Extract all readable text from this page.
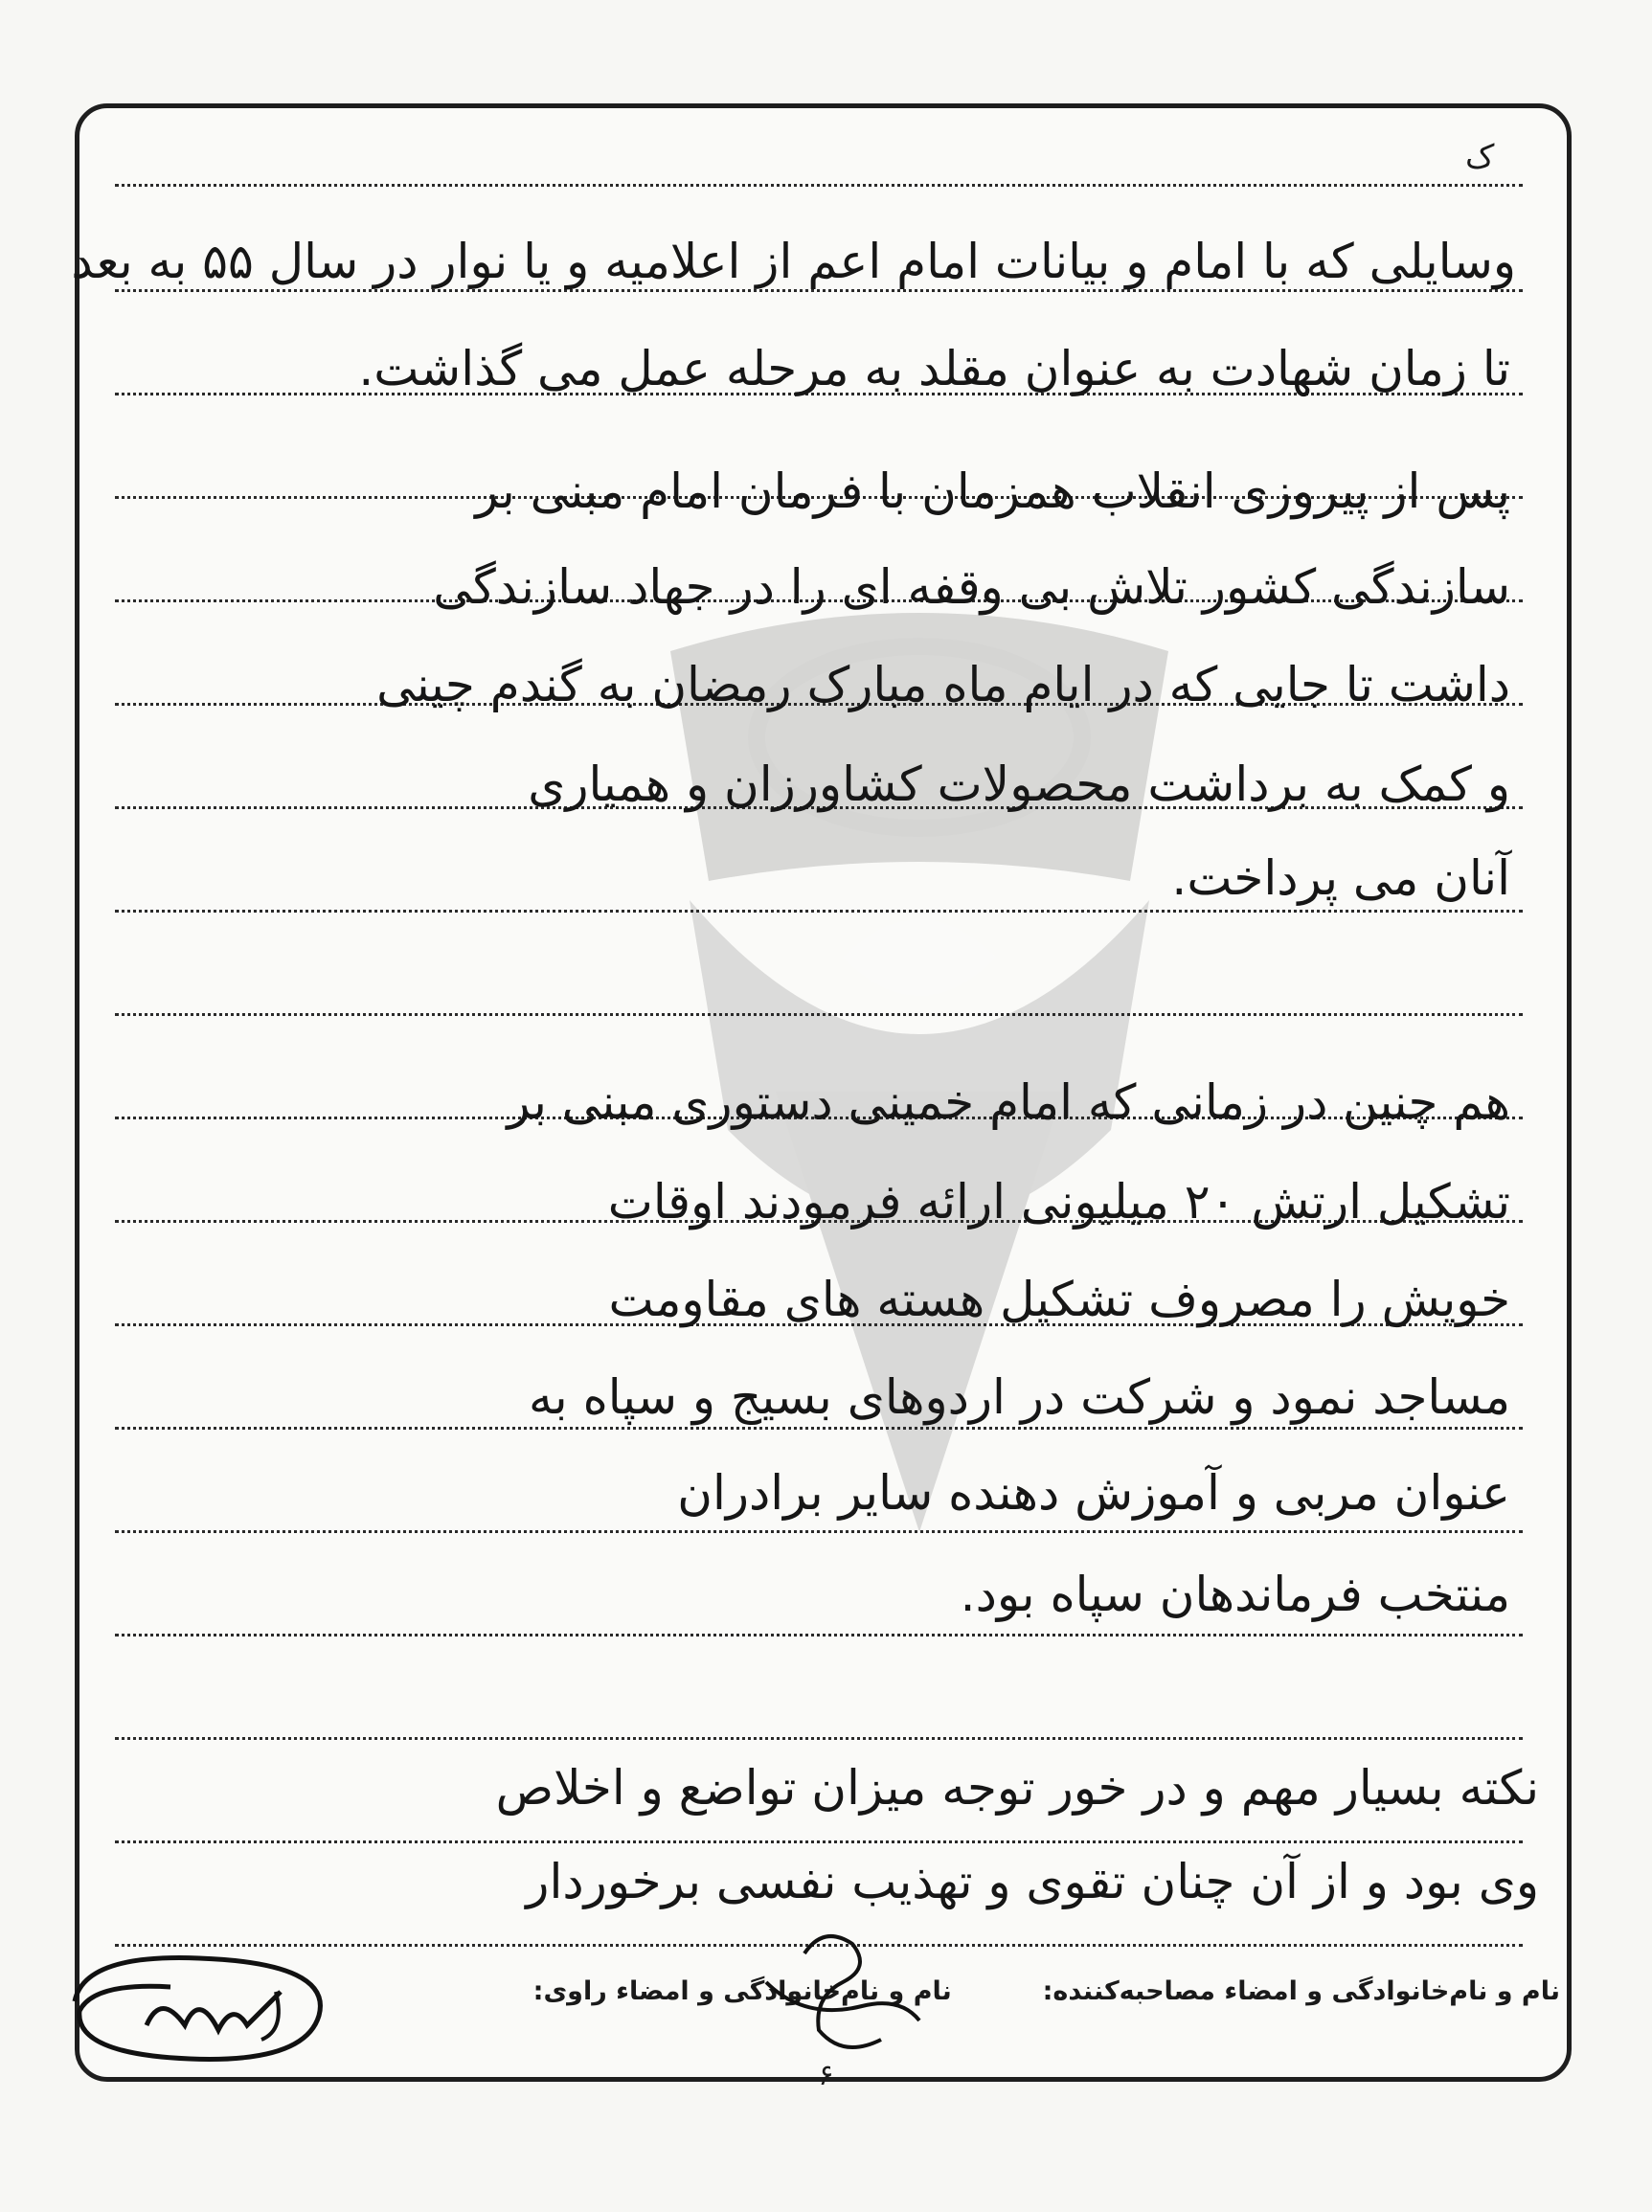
ک
وسایلی که با امام و بیانات امام اعم از اعلامیه و یا نوار در سال ۵۵ به بعد
تا زمان شهادت به عنوان مقلد به مرحله عمل می گذاشت.
پس از پیروزی انقلاب همزمان با فرمان امام مبنی بر
سازندگی کشور تلاش بی وقفه ای را در جهاد سازندگی
داشت تا جایی که در ایام ماه مبارک رمضان به گندم چینی
و کمک به برداشت محصولات کشاورزان و همیاری
آنان می پرداخت.
هم چنین در زمانی که امام خمینی دستوری مبنی بر
تشکیل ارتش ۲۰ میلیونی ارائه فرمودند اوقات
خویش را مصروف تشکیل هسته های مقاومت
مساجد نمود و شرکت در اردوهای بسیج و سپاه به
عنوان مربی و آموزش دهنده سایر برادران
منتخب فرماندهان سپاه بود.
نکته بسیار مهم و در خور توجه میزان تواضع و اخلاص
وی بود و از آن چنان تقوی و تهذیب نفسی برخوردار
نام و نام‌خانوادگی و امضاء مصاحبه‌کننده:  نام و نام‌خانوادگی و امضاء راوی:
۶
